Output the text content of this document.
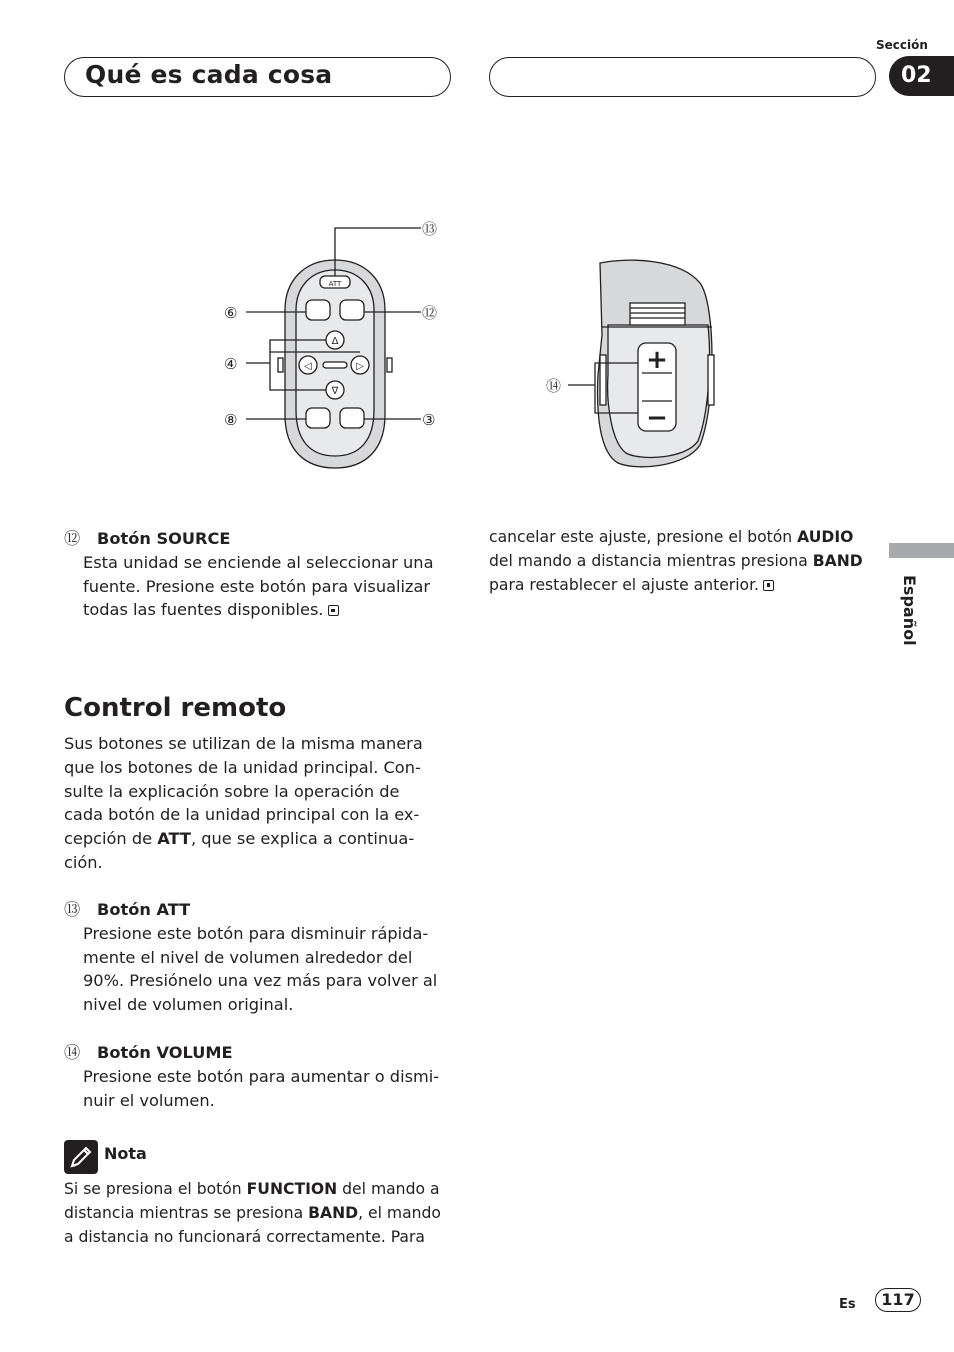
Qué es cada cosa
Sección
02
Español
ATT
Δ
◁	▷
∇
⑬
⑥	⑫
④
⑧	③
+
−
⑭
⑫ Botón SOURCE
Esta unidad se enciende al seleccionar una
fuente. Presione este botón para visualizar
todas las fuentes disponibles.
Control remoto
Sus botones se utilizan de la misma manera
que los botones de la unidad principal. Con-
sulte la explicación sobre la operación de
cada botón de la unidad principal con la ex-
cepción de ATT, que se explica a continua-
ción.
⑬ Botón ATT
Presione este botón para disminuir rápida-
mente el nivel de volumen alrededor del
90%. Presiónelo una vez más para volver al
nivel de volumen original.
⑭ Botón VOLUME
Presione este botón para aumentar o dismi-
nuir el volumen.
Nota
Si se presiona el botón FUNCTION del mando a
distancia mientras se presiona BAND, el mando
a distancia no funcionará correctamente. Para
cancelar este ajuste, presione el botón AUDIO
del mando a distancia mientras presiona BAND
para restablecer el ajuste anterior.
Es	117
